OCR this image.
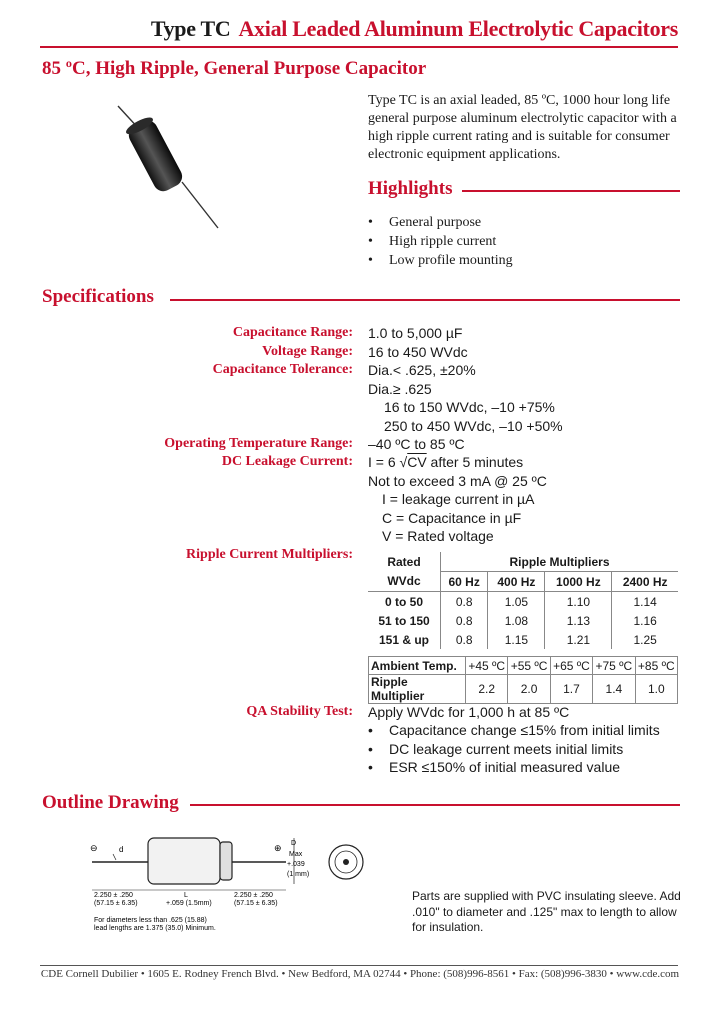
Type TC Axial Leaded Aluminum Electrolytic Capacitors
85 ºC, High Ripple, General Purpose Capacitor
Type TC is an axial leaded, 85 ºC, 1000 hour long life general purpose aluminum electrolytic capacitor with a high ripple current rating and is suitable for consumer electronic equipment applications.
Highlights
• General purpose
• High ripple current
• Low profile mounting
Specifications
Capacitance Range: 1.0 to 5,000 µF
Voltage Range: 16 to 450 WVdc
Capacitance Tolerance: Dia.< .625, ±20%
Dia.≥ .625
16 to 150 WVdc, –10 +75%
250 to 450 WVdc, –10 +50%
Operating Temperature Range: –40 ºC to 85 ºC
DC Leakage Current: I = 6 √CV after 5 minutes
Not to exceed 3 mA @ 25 ºC
I = leakage current in µA
C = Capacitance in µF
V = Rated voltage
Ripple Current Multipliers:	Rated	Ripple Multipliers			
WVdc	60 Hz	400 Hz	1000 Hz	2400 Hz
0 to 50	0.8	1.05	1.10	1.14
51 to 150	0.8	1.08	1.13	1.16
151 & up	0.8	1.15	1.21	1.25
Ambient Temp.	+45 ºC	+55 ºC	+65 ºC	+75 ºC	+85 ºC
Ripple Multiplier	2.2	2.0	1.7	1.4	1.0
QA Stability Test: Apply WVdc for 1,000 h at 85 ºC
• Capacitance change ≤15% from initial limits
• DC leakage current meets initial limits
• ESR ≤150% of initial measured value
Outline Drawing
⊖	⊕
d
D
Max
+.039
(1 mm)
2.250 ± .250
(57.15 ± 6.35)
L
+.059 (1.5mm)
2.250 ± .250
(57.15 ± 6.35)
For diameters less than .625 (15.88)
lead lengths are 1.375 (35.0) Minimum.
Parts are supplied with PVC insulating sleeve. Add .010" to diameter and .125" max to length to allow for insulation.
CDE Cornell Dubilier • 1605 E. Rodney French Blvd. • New Bedford, MA 02744 • Phone: (508)996-8561 • Fax: (508)996-3830 • www.cde.com
